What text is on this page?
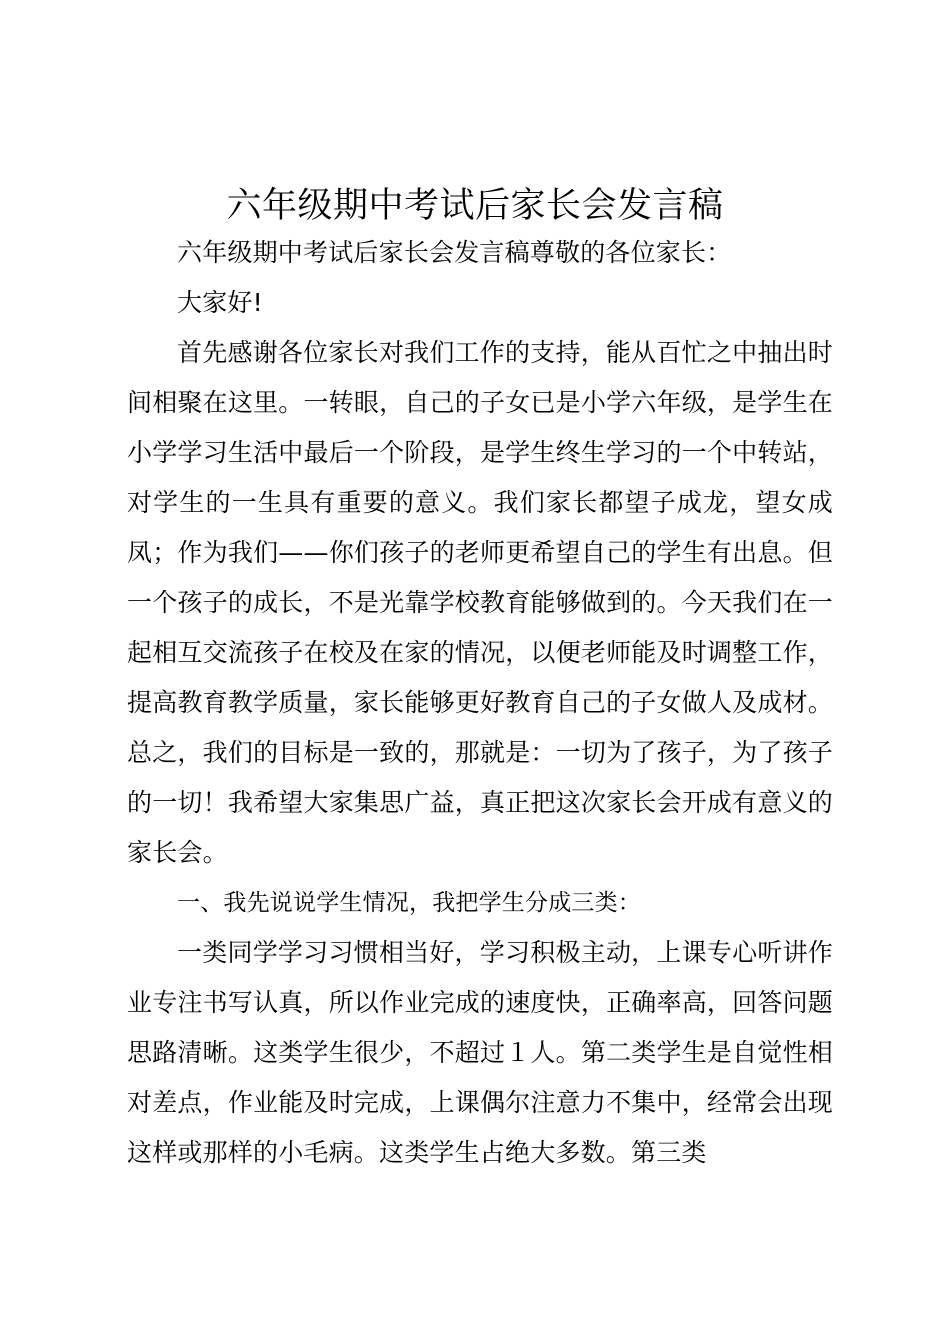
六年级期中考试后家长会发言稿

六年级期中考试后家长会发言稿尊敬的各位家长：

大家好!

首先感谢各位家长对我们工作的支持，能从百忙之中抽出时间相聚在这里。一转眼，自己的子女已是小学六年级，是学生在小学学习生活中最后一个阶段，是学生终生学习的一个中转站，对学生的一生具有重要的意义。我们家长都望子成龙，望女成凤；作为我们——你们孩子的老师更希望自己的学生有出息。但一个孩子的成长，不是光靠学校教育能够做到的。今天我们在一起相互交流孩子在校及在家的情况，以便老师能及时调整工作，提高教育教学质量，家长能够更好教育自己的子女做人及成材。总之，我们的目标是一致的，那就是：一切为了孩子，为了孩子的一切！我希望大家集思广益，真正把这次家长会开成有意义的家长会。

一、我先说说学生情况，我把学生分成三类：

一类同学学习习惯相当好，学习积极主动，上课专心听讲作业专注书写认真，所以作业完成的速度快，正确率高，回答问题思路清晰。这类学生很少，不超过１人。第二类学生是自觉性相对差点，作业能及时完成，上课偶尔注意力不集中，经常会出现这样或那样的小毛病。这类学生占绝大多数。第三类
